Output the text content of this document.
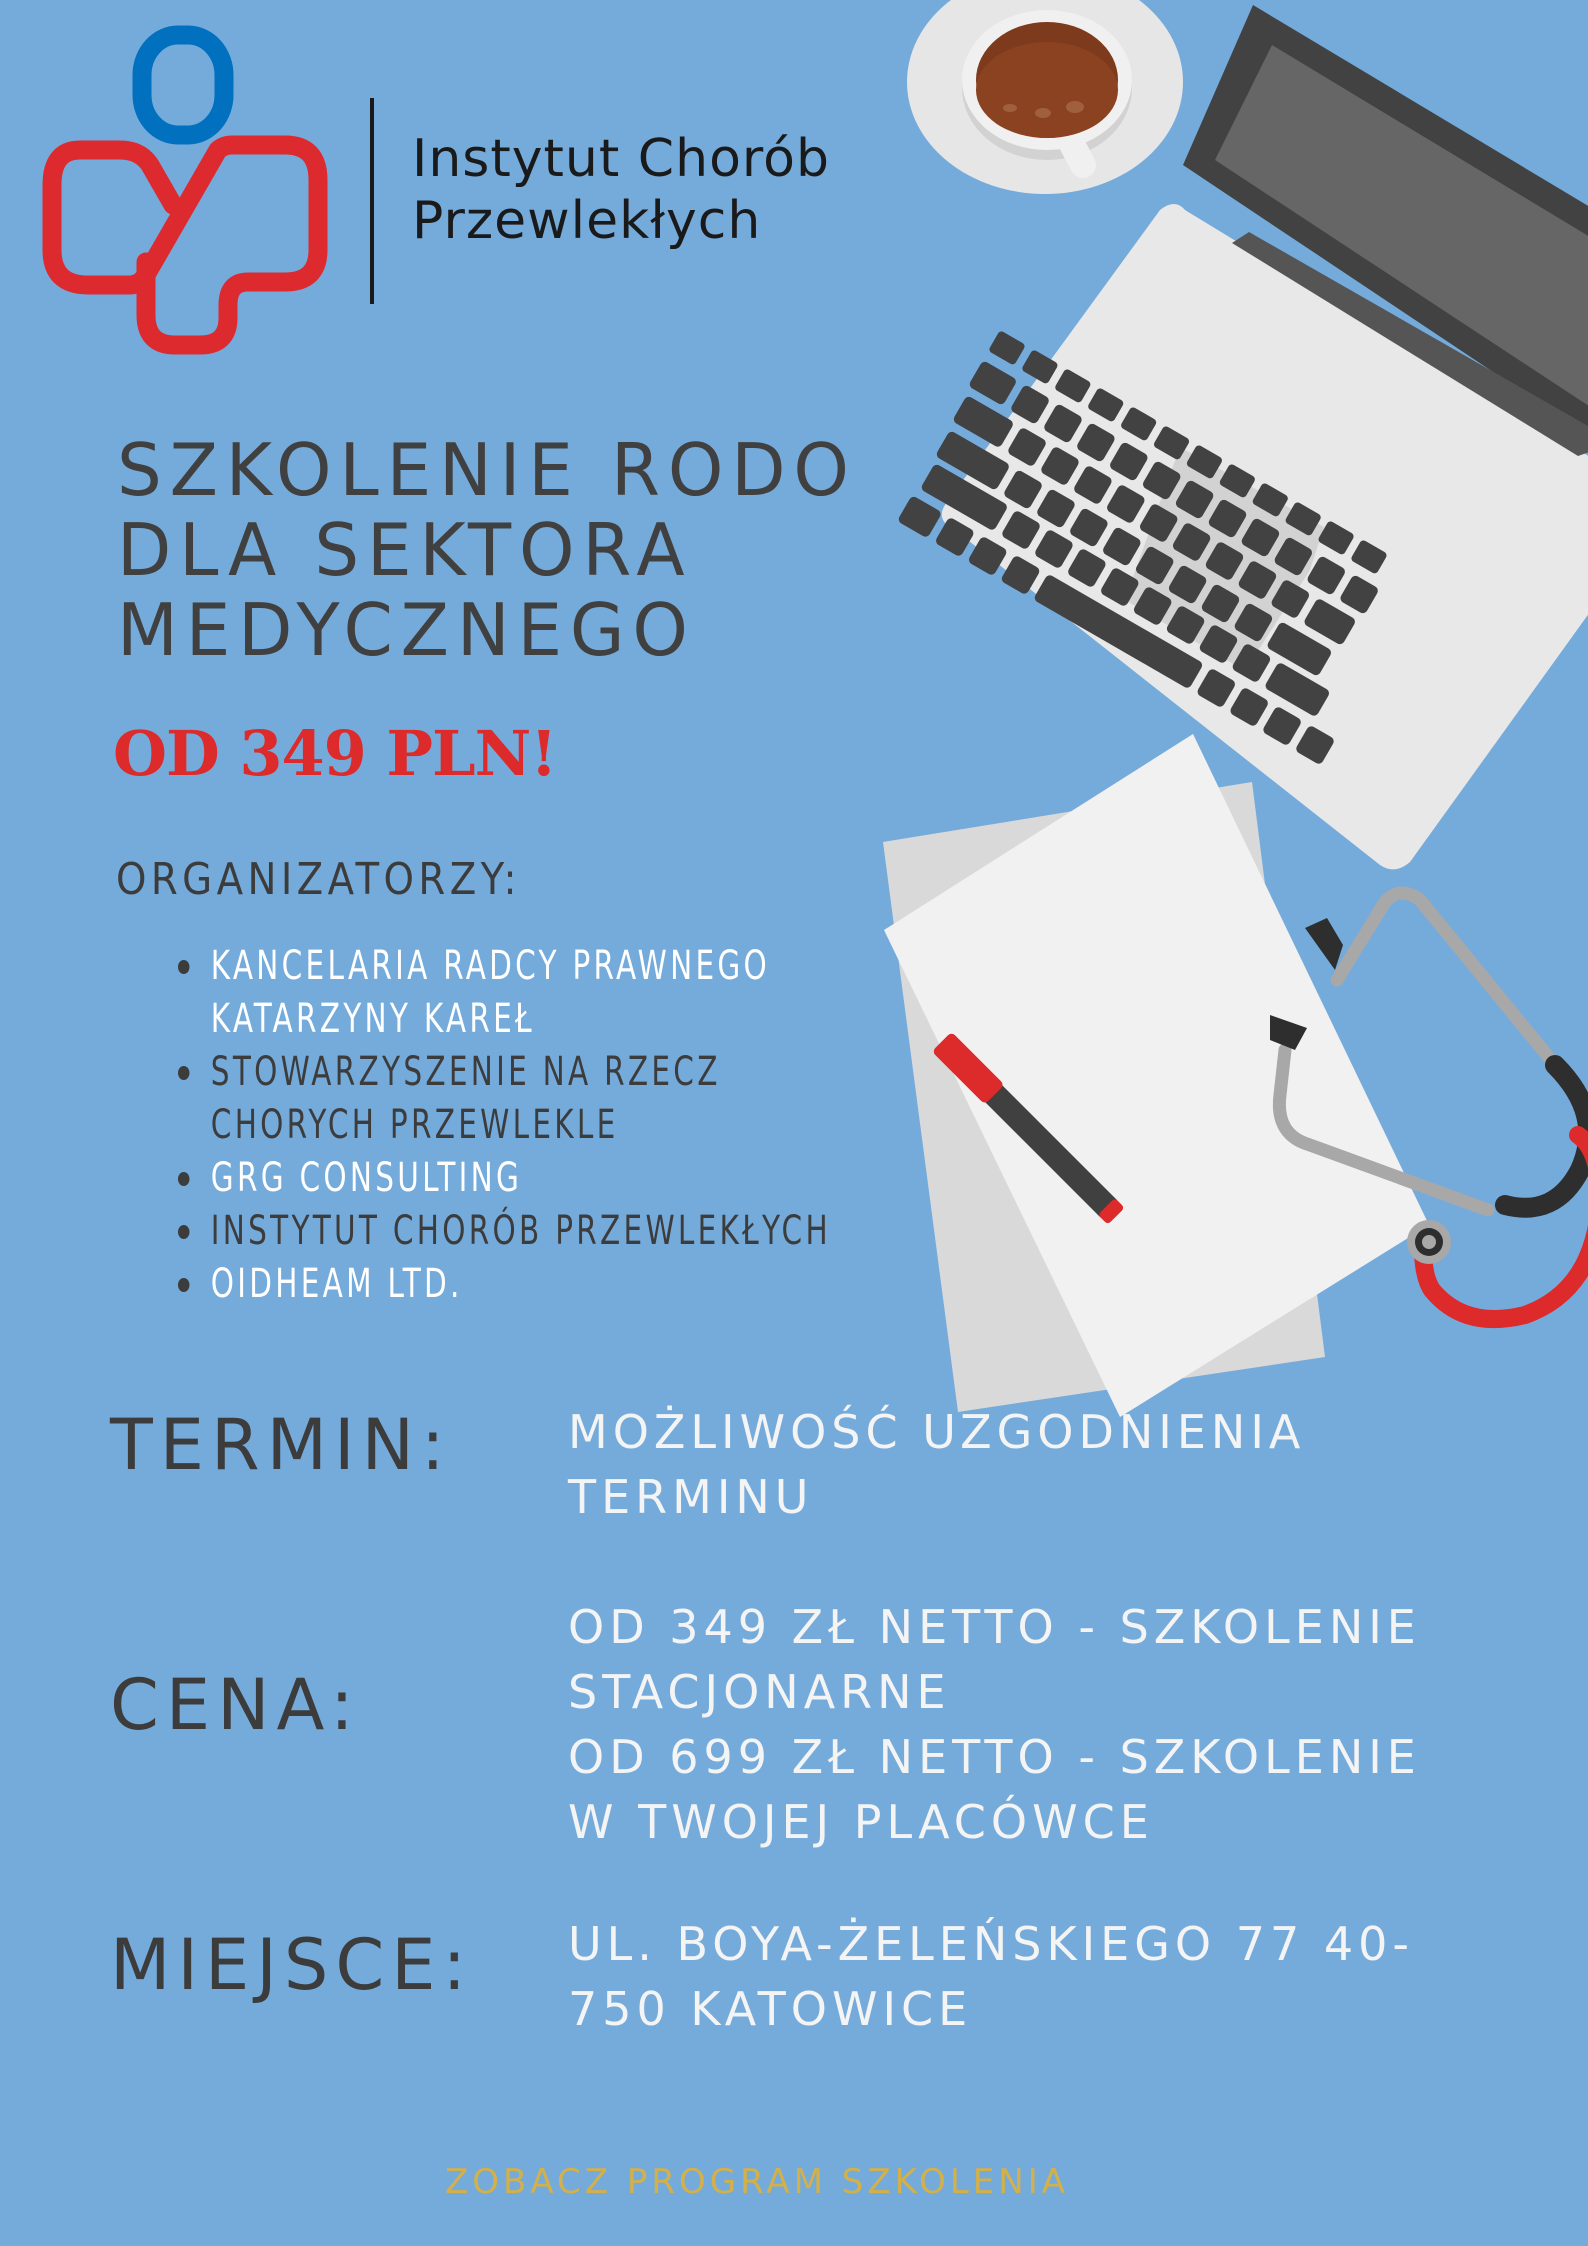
Instytut Chorób
Przewlekłych
SZKOLENIE RODO
DLA SEKTORA
MEDYCZNEGO
OD 349 PLN!
ORGANIZATORZY:
KANCELARIA RADCY PRAWNEGO
KATARZYNY KAREŁ
STOWARZYSZENIE NA RZECZ
CHORYCH PRZEWLEKLE
GRG CONSULTING
INSTYTUT CHORÓB PRZEWLEKŁYCH
OIDHEAM LTD.
TERMIN:	MOŻLIWOŚĆ UZGODNIENIA
TERMINU
CENA:
OD 349 ZŁ NETTO - SZKOLENIE
STACJONARNE
OD 699 ZŁ NETTO - SZKOLENIE
W TWOJEJ PLACÓWCE
MIEJSCE: UL. BOYA-ŻELEŃSKIEGO 77 40-
750 KATOWICE
ZOBACZ PROGRAM SZKOLENIA
